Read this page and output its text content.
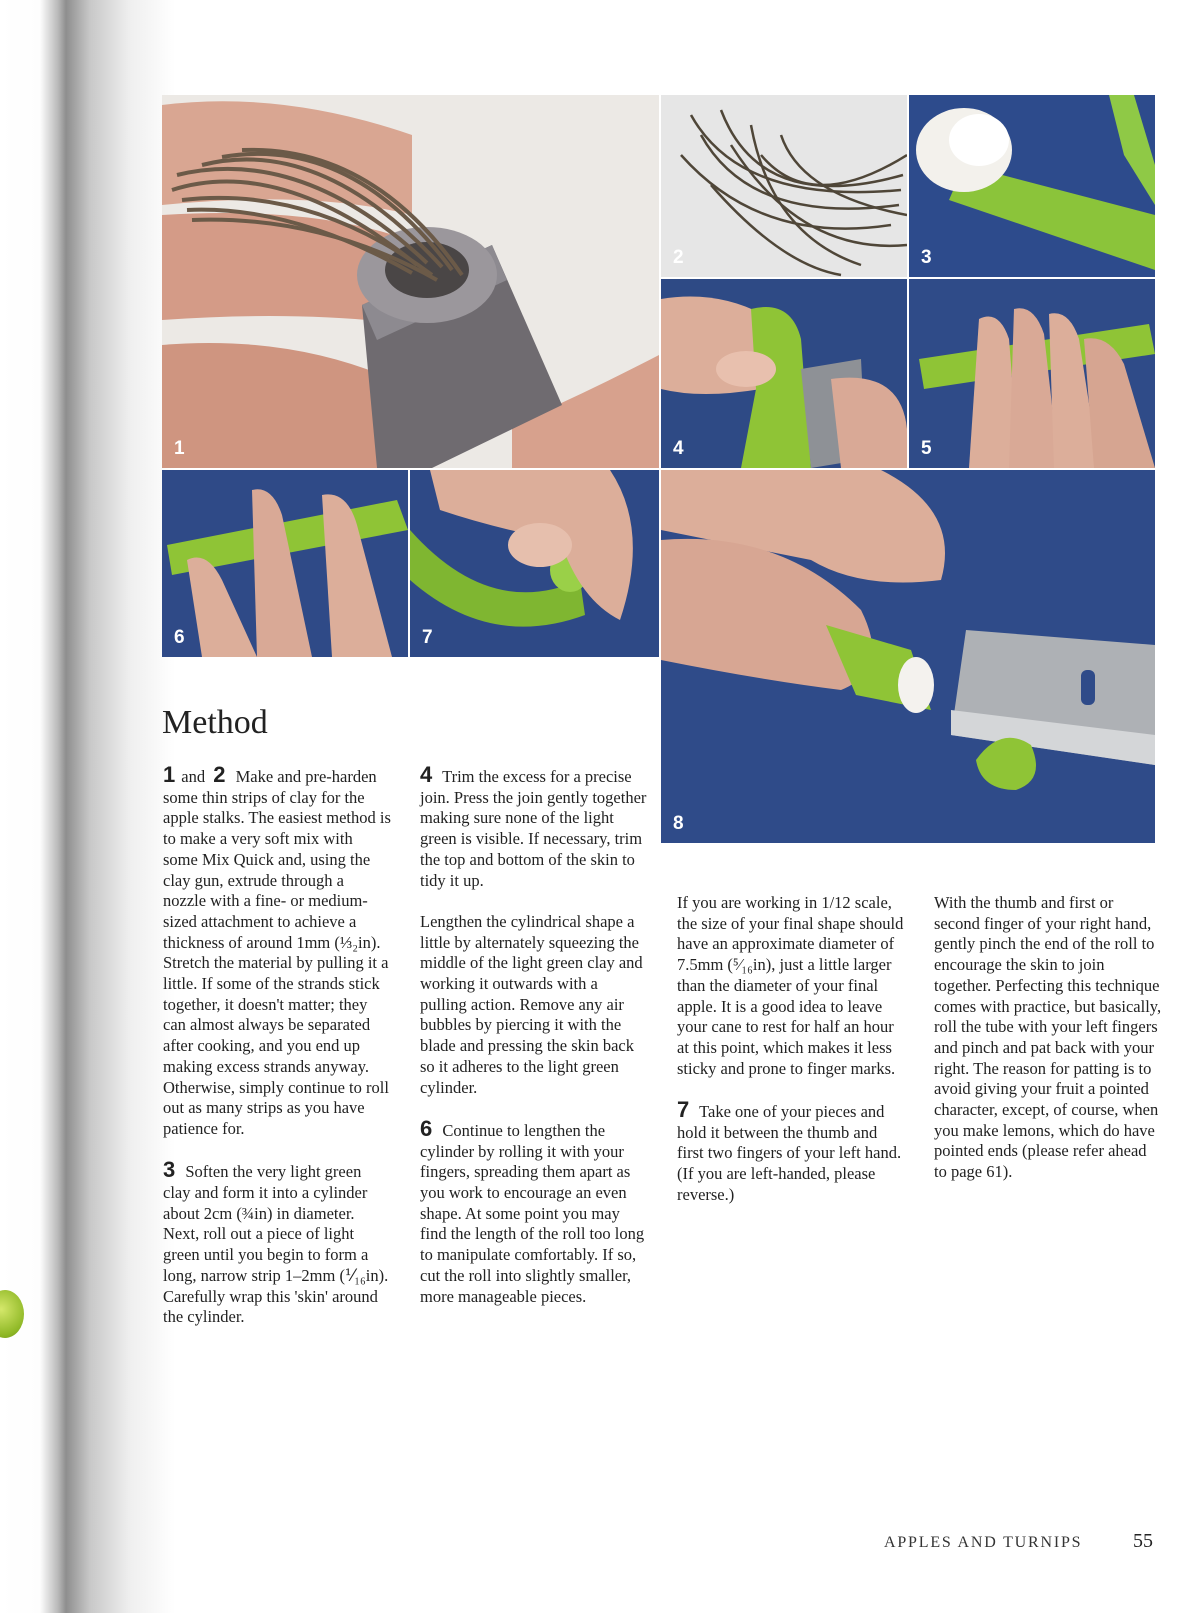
1
2	3
4	5
6	7
8
Method

1 and 2 Make and pre-harden some thin strips of clay for the apple stalks. The easiest method is to make a very soft mix with some Mix Quick and, using the clay gun, extrude through a nozzle with a fine- or medium-sized attachment to achieve a thickness of around 1mm (⅓₂in). Stretch the material by pulling it a little. If some of the strands stick together, it doesn't matter; they can almost always be separated after cooking, and you end up making excess strands anyway. Otherwise, simply continue to roll out as many strips as you have patience for.

3 Soften the very light green clay and form it into a cylinder about 2cm (¾in) in diameter. Next, roll out a piece of light green until you begin to form a long, narrow strip 1–2mm (⅟₁₆in). Carefully wrap this 'skin' around the cylinder.

4 Trim the excess for a precise join. Press the join gently together making sure none of the light green is visible. If necessary, trim the top and bottom of the skin to tidy it up.

Lengthen the cylindrical shape a little by alternately squeezing the middle of the light green clay and working it outwards with a pulling action. Remove any air bubbles by piercing it with the blade and pressing the skin back so it adheres to the light green cylinder.

6 Continue to lengthen the cylinder by rolling it with your fingers, spreading them apart as you work to encourage an even shape. At some point you may find the length of the roll too long to manipulate comfortably. If so, cut the roll into slightly smaller, more manageable pieces.

If you are working in 1/12 scale, the size of your final shape should have an approximate diameter of 7.5mm (⁵⁄₁₆in), just a little larger than the diameter of your final apple. It is a good idea to leave your cane to rest for half an hour at this point, which makes it less sticky and prone to finger marks.

7 Take one of your pieces and hold it between the thumb and first two fingers of your left hand. (If you are left-handed, please reverse.)

With the thumb and first or second finger of your right hand, gently pinch the end of the roll to encourage the skin to join together. Perfecting this technique comes with practice, but basically, roll the tube with your left fingers and pinch and pat back with your right. The reason for patting is to avoid giving your fruit a pointed character, except, of course, when you make lemons, which do have pointed ends (please refer ahead to page 61).

APPLES AND TURNIPS	55
